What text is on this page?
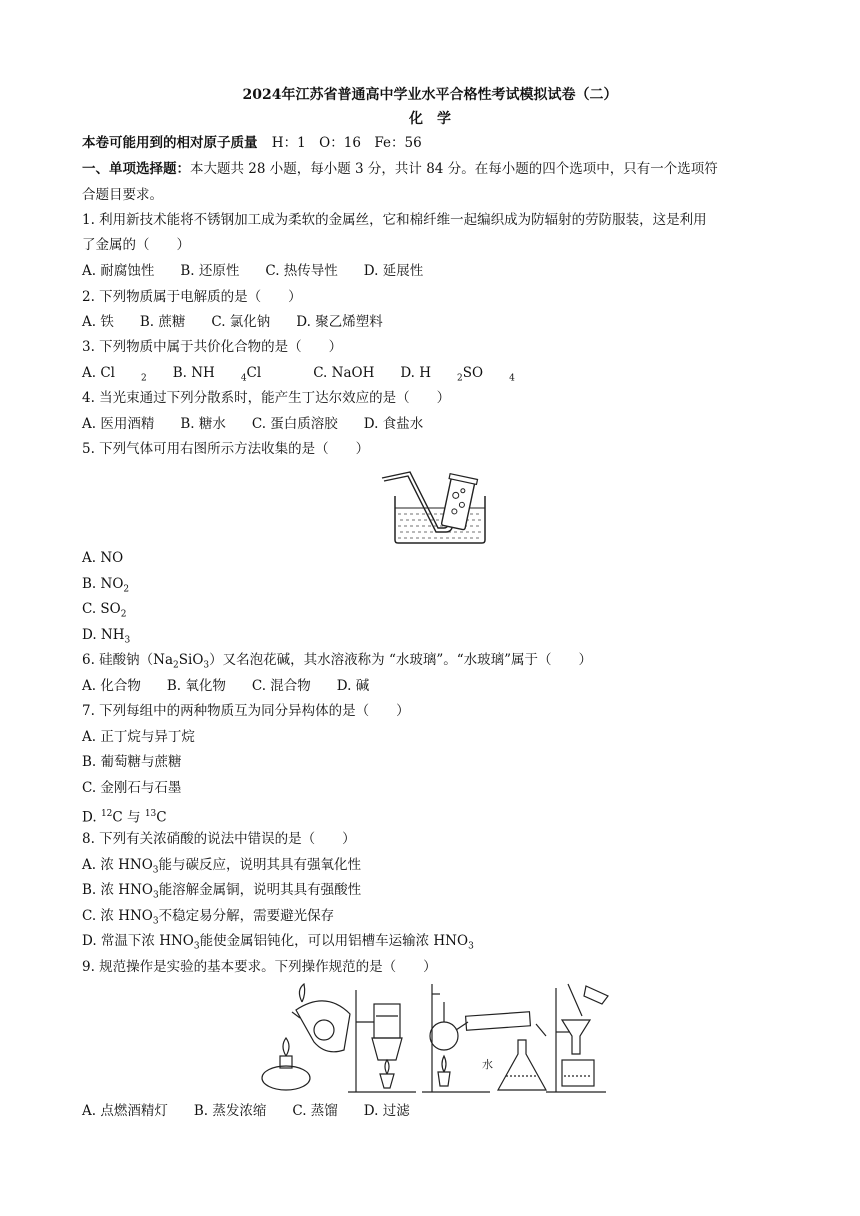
2024年江苏省普通高中学业水平合格性考试模拟试卷（二）
化　学
本卷可能用到的相对原子质量 H：1　O：16　Fe：56
一、单项选择题：本大题共 28 小题，每小题 3 分，共计 84 分。在每小题的四个选项中，只有一个选项符
合题目要求。
1. 利用新技术能将不锈钢加工成为柔软的金属丝，它和棉纤维一起编织成为防辐射的劳防服装，这是利用
了金属的（　　）
A. 耐腐蚀性 B. 还原性 C. 热传导性 D. 延展性
2. 下列物质属于电解质的是（　　）
A. 铁 B. 蔗糖 C. 氯化钠 D. 聚乙烯塑料
3. 下列物质中属于共价化合物的是（　　）
A. Cl	$_2$ B. NH	$_4$Cl	C. NaOH D. H	$_2$SO	$_4$
4. 当光束通过下列分散系时，能产生丁达尔效应的是（　　）
A. 医用酒精 B. 糖水 C. 蛋白质溶胶 D. 食盐水
5. 下列气体可用右图所示方法收集的是（　　）
A. NO
B. $NO_2$
C. $SO_2$
D. $NH_3$
6. 硅酸钠$(Na_2SiO_3)$又名泡花碱，其水溶液称为 “水玻璃”。“水玻璃”属于（　　）
A. 化合物 B. 氧化物 C. 混合物 D. 碱
7. 下列每组中的两种物质互为同分异构体的是（　　）
A. 正丁烷与异丁烷
B. 葡萄糖与蔗糖
C. 金刚石与石墨
D. $^{12}$C 与 $^{13}$C
8. 下列有关浓硝酸的说法中错误的是（　　）
A. 浓 $HNO_3$能与碳反应，说明其具有强氧化性
B. 浓 $HNO_3$能溶解金属铜，说明其具有强酸性
C. 浓 $HNO_3$不稳定易分解，需要避光保存
D. 常温下浓 $HNO_3$能使金属铝钝化，可以用铝槽车运输浓 $HNO_3$
9. 规范操作是实验的基本要求。下列操作规范的是（　　）
水
A. 点燃酒精灯 B. 蒸发浓缩 C. 蒸馏 D. 过滤
